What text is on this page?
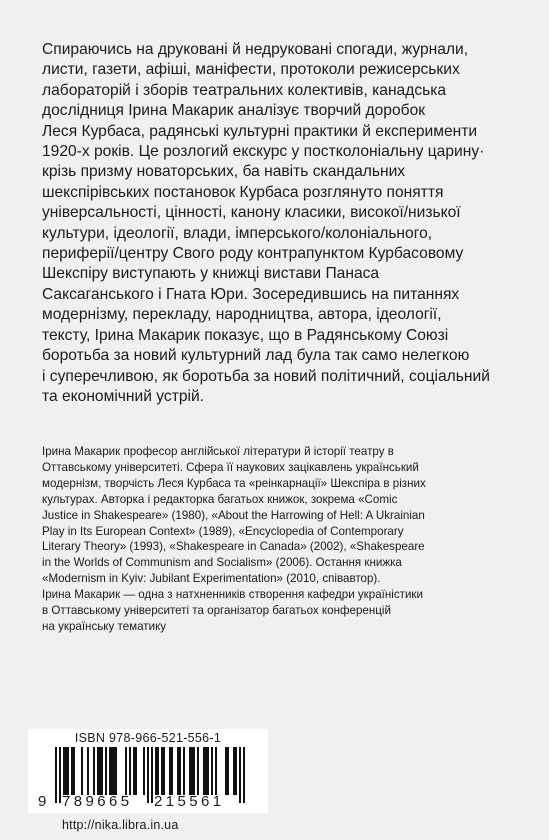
Спираючись на друковані й недруковані спогади, журнали,
листи, газети, афіші, маніфести, протоколи режисерських
лабораторій і зборів театральних колективів, канадська
дослідниця Ірина Макарик аналізує творчий доробок
Леся Курбаса, радянські культурні практики й експерименти
1920-х років. Це розлогий екскурс у постколоніальну царину·
крізь призму новаторських, ба навіть скандальних
шекспірівських постановок Курбаса розглянуто поняття
універсальності, цінності, канону класики, високої/низької
культури, ідеології, влади, імперського/колоніального,
периферії/центру Свого роду контрапунктом Курбасовому
Шекспіру виступають у книжці вистави Панаса
Саксаганського і Гната Юри. Зосередившись на питаннях
модернізму, перекладу, народництва, автора, ідеології,
тексту, Ірина Макарик показує, що в Радянському Союзі
боротьба за новий культурний лад була так само нелегкою
і суперечливою, як боротьба за новий політичний, соціальний
та економічний устрій.
Ірина Макарик професор англійської літератури й історії театру в
Оттавському університеті. Сфера її наукових зацікавлень український
модернізм, творчість Леся Курбаса та «реінкарнації» Шекспіра в різних
культурах. Авторка і редакторка багатьох книжок, зокрема «Comic
Justice in Shakespeare» (1980), «About the Harrowing of Hell: A Ukrainian
Play in Its European Context» (1989), «Encyclopedia of Contemporary
Literary Theory» (1993), «Shakespeare in Canada» (2002), «Shakespeare
in the Worlds of Communism and Socialism» (2006). Остання книжка
«Modernism in Kyiv: Jubilant Experimentation» (2010, співавтор).
Ірина Макарик — одна з натхненників створення кафедри україністики
в Оттавському університеті та організатор багатьох конференцій
на українську тематику
ISBN 978-966-521-556-1
9 789665 215561
http://nika.libra.in.ua
